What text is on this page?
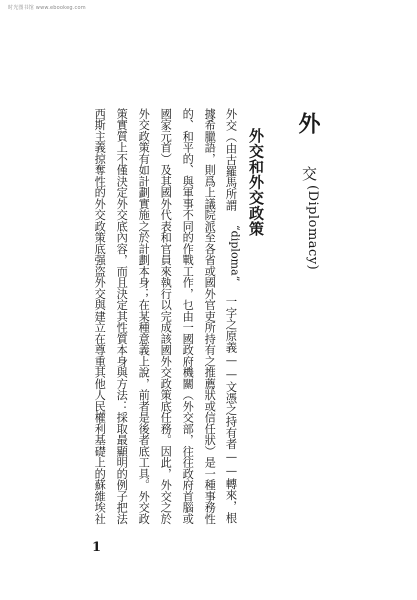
时光图书馆 www.ebookeg.com
外
交(Diplomacy)
外交和外交政策
外交（由古羅馬所謂 “diploma” 一字之原義——文憑之持有者——轉來，根
據希臘語，則爲上議院派至各省或國外官吏所持有之推薦狀或信任狀）是一種事務性
的、和平的、與軍事不同的作戰工作，乜由一國政府機關（外交部，往往政府首腦或
國家元首）及其國外代表和官員來執行以完成該國外交政策底任務。因此，外交之於
外交政策有如計劃實施之於計劃本身；在某種意義上說，前者是後者底工具。外交政
策實質上不僅決定外交底內容，而且決定其性質本身與方法：採取最顯明的例子把法
西斯主義掠奪性的外交政策底强盗外交與建立在尊重其他人民權利基礎上的蘇維埃社
1
